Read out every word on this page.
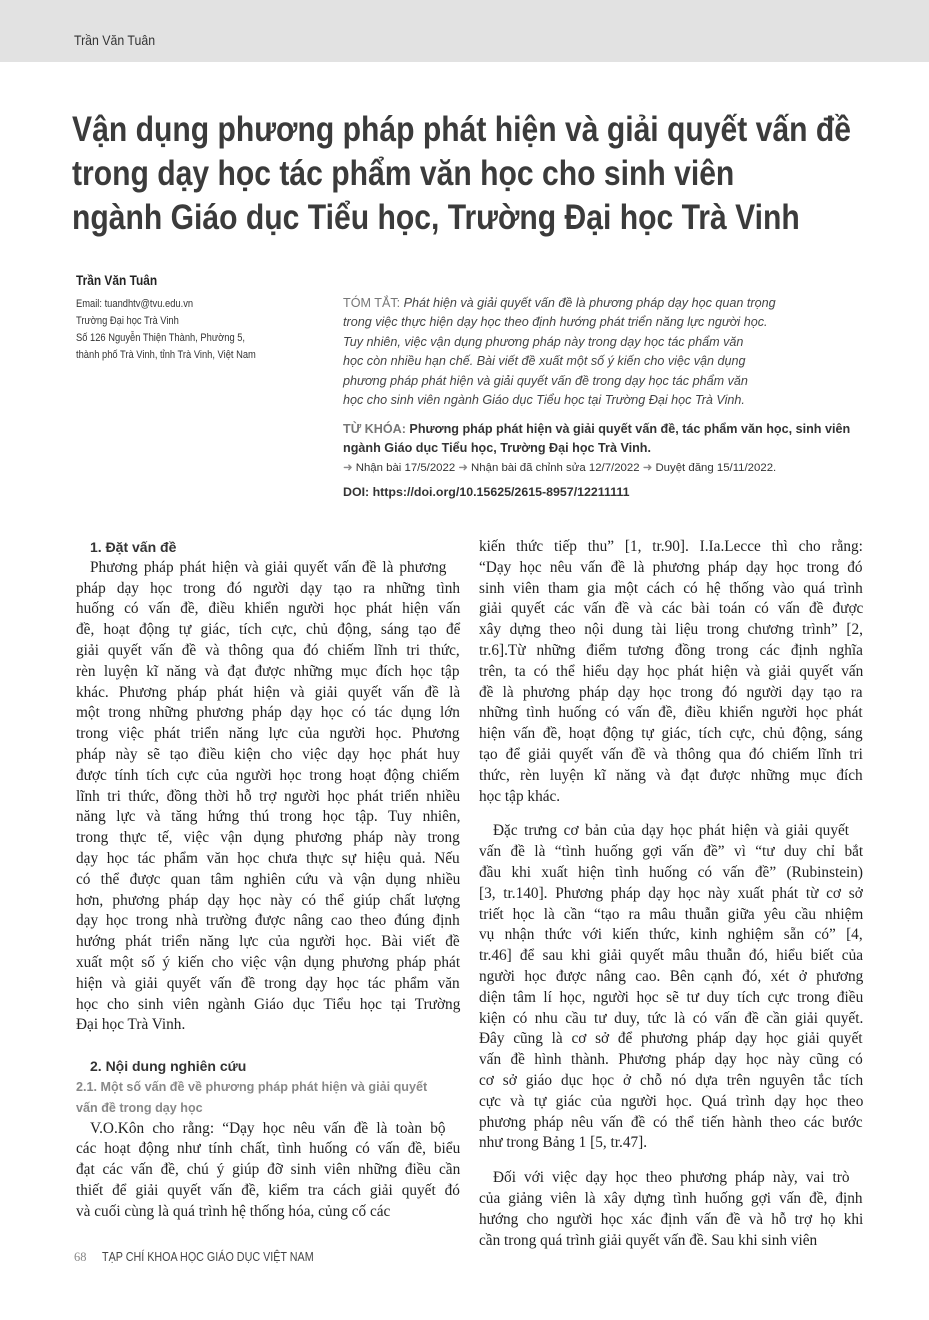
Trần Văn Tuân
Vận dụng phương pháp phát hiện và giải quyết vấn đề
trong dạy học tác phẩm văn học cho sinh viên
ngành Giáo dục Tiểu học, Trường Đại học Trà Vinh
Trần Văn Tuân
Email: tuandhtv@tvu.edu.vn
Trường Đại học Trà Vinh
Số 126 Nguyễn Thiện Thành, Phường 5,
thành phố Trà Vinh, tỉnh Trà Vinh, Việt Nam
TÓM TẮT: Phát hiện và giải quyết vấn đề là phương pháp dạy học quan trọng
trong việc thực hiện dạy học theo định hướng phát triển năng lực người học.
Tuy nhiên, việc vận dụng phương pháp này trong dạy học tác phẩm văn
học còn nhiều hạn chế. Bài viết đề xuất một số ý kiến cho việc vận dụng
phương pháp phát hiện và giải quyết vấn đề trong dạy học tác phẩm văn
học cho sinh viên ngành Giáo dục Tiểu học tại Trường Đại học Trà Vinh.
TỪ KHÓA: Phương pháp phát hiện và giải quyết vấn đề, tác phẩm văn học, sinh viên
ngành Giáo dục Tiểu học, Trường Đại học Trà Vinh.
➜ Nhận bài 17/5/2022 ➜ Nhận bài đã chỉnh sửa 12/7/2022 ➜ Duyệt đăng 15/11/2022.
DOI: https://doi.org/10.15625/2615-8957/12211111
1. Đặt vấn đề
Phương pháp phát hiện và giải quyết vấn đề là phương
pháp dạy học trong đó người dạy tạo ra những tình
huống có vấn đề, điều khiển người học phát hiện vấn
đề, hoạt động tự giác, tích cực, chủ động, sáng tạo để
giải quyết vấn đề và thông qua đó chiếm lĩnh tri thức,
rèn luyện kĩ năng và đạt được những mục đích học tập
khác. Phương pháp phát hiện và giải quyết vấn đề là
một trong những phương pháp dạy học có tác dụng lớn
trong việc phát triển năng lực của người học. Phương
pháp này sẽ tạo điều kiện cho việc dạy học phát huy
được tính tích cực của người học trong hoạt động chiếm
lĩnh tri thức, đồng thời hỗ trợ người học phát triển nhiều
năng lực và tăng hứng thú trong học tập. Tuy nhiên,
trong thực tế, việc vận dụng phương pháp này trong
dạy học tác phẩm văn học chưa thực sự hiệu quả. Nếu
có thể được quan tâm nghiên cứu và vận dụng nhiều
hơn, phương pháp dạy học này có thể giúp chất lượng
dạy học trong nhà trường được nâng cao theo đúng định
hướng phát triển năng lực của người học. Bài viết đề
xuất một số ý kiến cho việc vận dụng phương pháp phát
hiện và giải quyết vấn đề trong dạy học tác phẩm văn
học cho sinh viên ngành Giáo dục Tiểu học tại Trường
Đại học Trà Vinh.
2. Nội dung nghiên cứu
2.1. Một số vấn đề về phương pháp phát hiện và giải quyết
vấn đề trong dạy học
V.O.Kôn cho rằng: “Dạy học nêu vấn đề là toàn bộ
các hoạt động như tính chất, tình huống có vấn đề, biểu
đạt các vấn đề, chú ý giúp đỡ sinh viên những điều cần
thiết để giải quyết vấn đề, kiểm tra cách giải quyết đó
và cuối cùng là quá trình hệ thống hóa, củng cố các
kiến thức tiếp thu” [1, tr.90]. I.Ia.Lecce thì cho rằng:
“Dạy học nêu vấn đề là phương pháp dạy học trong đó
sinh viên tham gia một cách có hệ thống vào quá trình
giải quyết các vấn đề và các bài toán có vấn đề được
xây dựng theo nội dung tài liệu trong chương trình” [2,
tr.6].Từ những điểm tương đồng trong các định nghĩa
trên, ta có thể hiểu dạy học phát hiện và giải quyết vấn
đề là phương pháp dạy học trong đó người dạy tạo ra
những tình huống có vấn đề, điều khiển người học phát
hiện vấn đề, hoạt động tự giác, tích cực, chủ động, sáng
tạo để giải quyết vấn đề và thông qua đó chiếm lĩnh tri
thức, rèn luyện kĩ năng và đạt được những mục đích
học tập khác.
Đặc trưng cơ bản của dạy học phát hiện và giải quyết
vấn đề là “tình huống gợi vấn đề” vì “tư duy chỉ bắt
đầu khi xuất hiện tình huống có vấn đề” (Rubinstein)
[3, tr.140]. Phương pháp dạy học này xuất phát từ cơ sở
triết học là cần “tạo ra mâu thuẫn giữa yêu cầu nhiệm
vụ nhận thức với kiến thức, kinh nghiệm sẵn có” [4,
tr.46] để sau khi giải quyết mâu thuẫn đó, hiểu biết của
người học được nâng cao. Bên cạnh đó, xét ở phương
diện tâm lí học, người học sẽ tư duy tích cực trong điều
kiện có nhu cầu tư duy, tức là có vấn đề cần giải quyết.
Đây cũng là cơ sở để phương pháp dạy học giải quyết
vấn đề hình thành. Phương pháp dạy học này cũng có
cơ sở giáo dục học ở chỗ nó dựa trên nguyên tắc tích
cực và tự giác của người học. Quá trình dạy học theo
phương pháp nêu vấn đề có thể tiến hành theo các bước
như trong Bảng 1 [5, tr.47].
Đối với việc dạy học theo phương pháp này, vai trò
của giảng viên là xây dựng tình huống gợi vấn đề, định
hướng cho người học xác định vấn đề và hỗ trợ họ khi
cần trong quá trình giải quyết vấn đề. Sau khi sinh viên
68 TẠP CHÍ KHOA HỌC GIÁO DỤC VIỆT NAM
